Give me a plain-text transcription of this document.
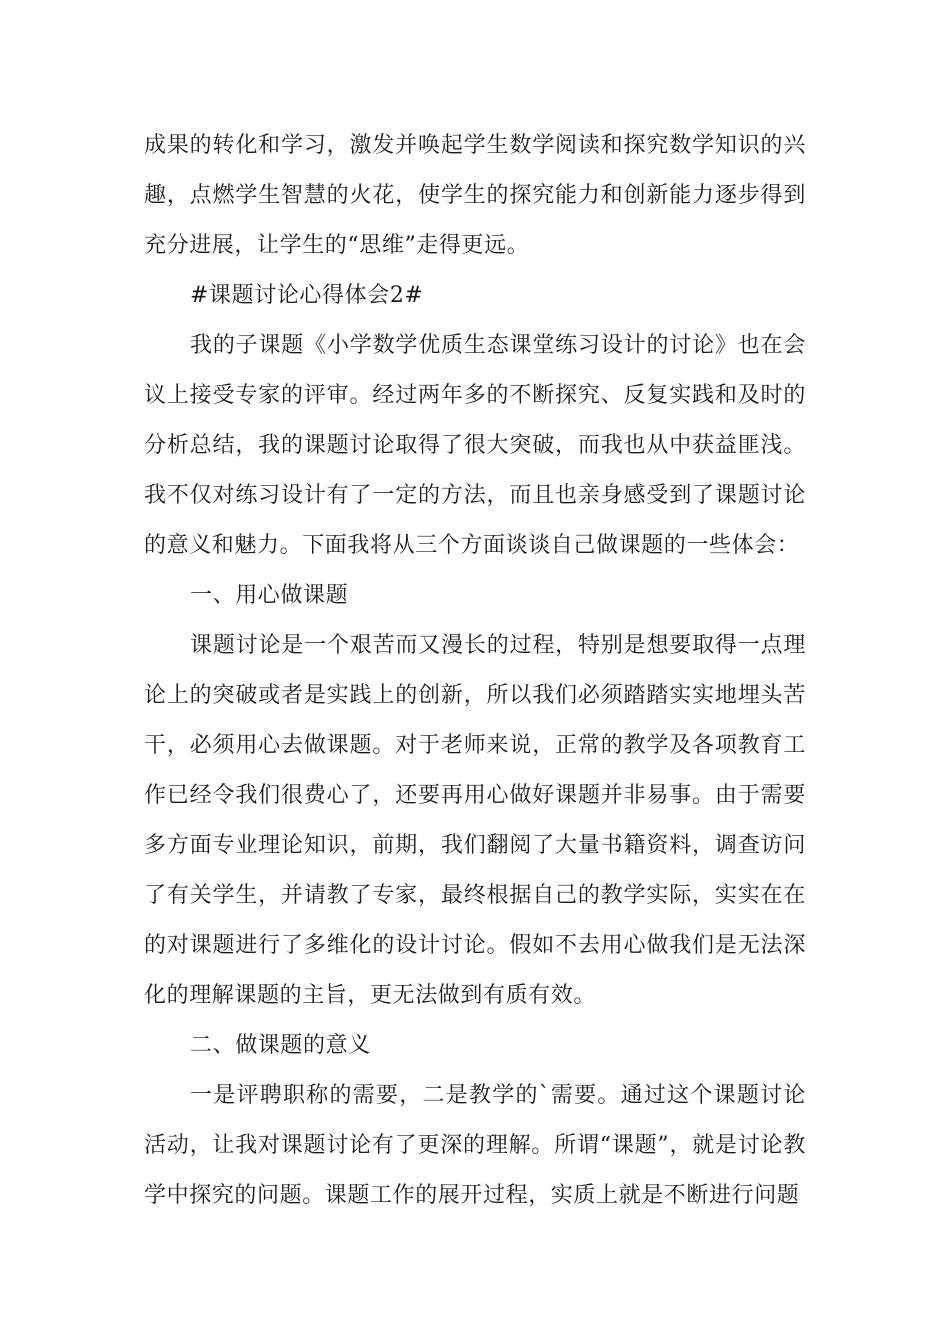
成果的转化和学习，激发并唤起学生数学阅读和探究数学知识的兴趣，点燃学生智慧的火花，使学生的探究能力和创新能力逐步得到充分进展，让学生的“思维”走得更远。

#课题讨论心得体会2#

我的子课题《小学数学优质生态课堂练习设计的讨论》也在会议上接受专家的评审。经过两年多的不断探究、反复实践和及时的分析总结，我的课题讨论取得了很大突破，而我也从中获益匪浅。我不仅对练习设计有了一定的方法，而且也亲身感受到了课题讨论的意义和魅力。下面我将从三个方面谈谈自己做课题的一些体会：

一、用心做课题

课题讨论是一个艰苦而又漫长的过程，特别是想要取得一点理论上的突破或者是实践上的创新，所以我们必须踏踏实实地埋头苦干，必须用心去做课题。对于老师来说，正常的教学及各项教育工作已经令我们很费心了，还要再用心做好课题并非易事。由于需要多方面专业理论知识，前期，我们翻阅了大量书籍资料，调查访问了有关学生，并请教了专家，最终根据自己的教学实际，实实在在的对课题进行了多维化的设计讨论。假如不去用心做我们是无法深化的理解课题的主旨，更无法做到有质有效。

二、做课题的意义

一是评聘职称的需要，二是教学的`需要。通过这个课题讨论活动，让我对课题讨论有了更深的理解。所谓“课题”，就是讨论教学中探究的问题。课题工作的展开过程，实质上就是不断进行问题
